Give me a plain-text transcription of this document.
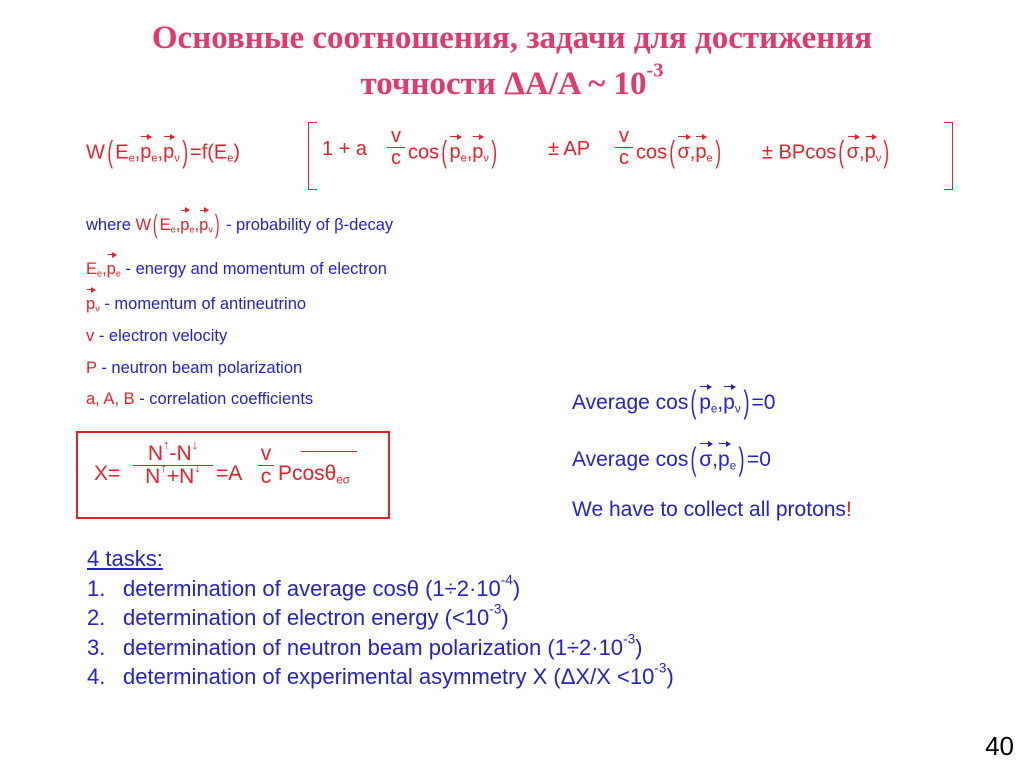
Основные соотношения, задачи для достижения
точности ΔA/A ~ $10^{-3}$
W( $E_e,p_e,p_\nu) =f(E_e)$	1 + a $\frac{v}{c} \cos$( $p_e,p_\nu$)	± AP $\frac{v}{c} \cos$( $\sigma,p_e) \pm BPcos$( $\sigma,p_\nu$)
where W( $E_e,p_e,p_\nu$) - probability of β-decay
$E_e,p_e$ - energy and momentum of electron
$p_\nu$ - momentum of antineutrino
v - electron velocity
P - neutron beam polarization
a, A, B - correlation coefficients
$X= \frac{N^↑-N^↓}{N^↑+N^↓} =A \frac{v}{c} Pcos\theta_{e\sigma}$
Average cos( $p_e,p_\nu) =0$
Average cos( $\sigma,p_e) =0$
We have to collect all protons!
4 tasks:
1. determination of average cosθ $(1\div 2\cdot 10^{-4})$
2. determination of electron energy $(<10^{-3})$
3. determination of neutron beam polarization $(1\div 2\cdot 10^{-3})$
4. determination of experimental asymmetry X $(\Delta X/X <10^{-3})$
40
